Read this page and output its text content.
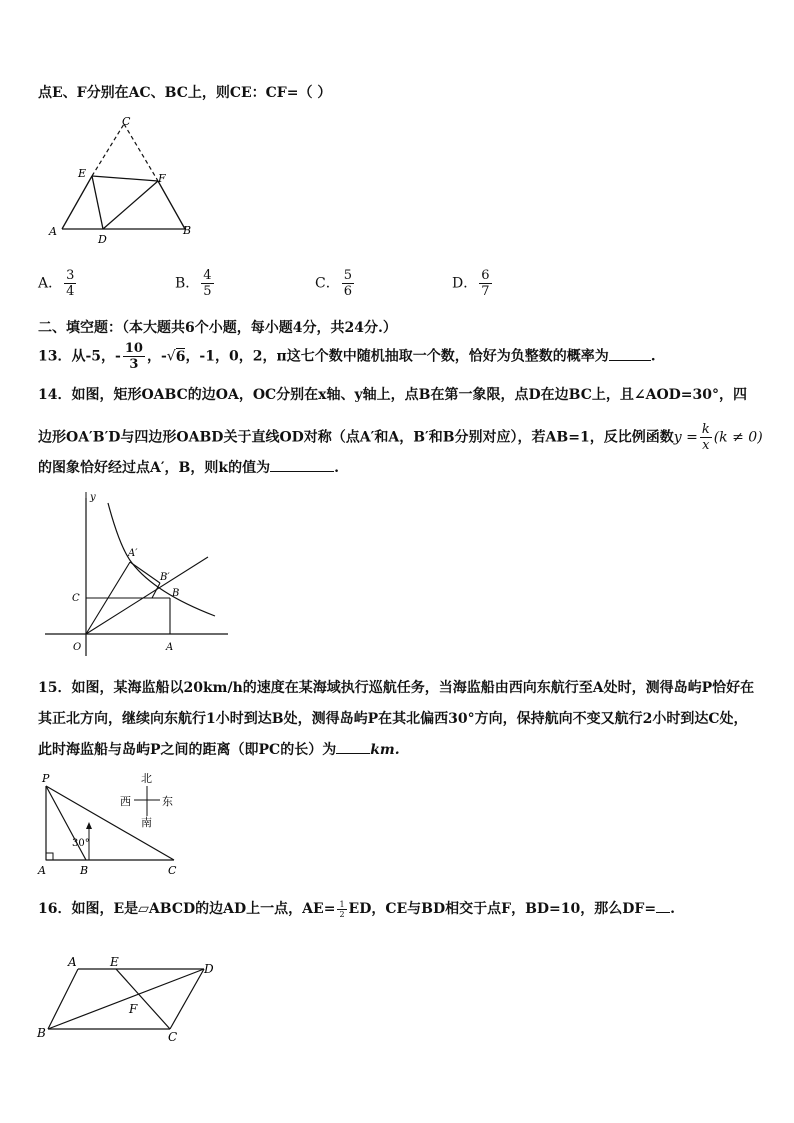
点E、F分别在AC、BC上，则CE：CF=（ ）
C
E	F
A
D
B
A． $\frac{3}{4}$	B． $\frac{4}{5}$	C． $\frac{5}{6}$	D． $\frac{6}{7}$
二、填空题：（本大题共6个小题，每小题4分，共24分.）
13．从-5，- $\frac{10}{3}$ ，-√6，-1，0，2，π这七个数中随机抽取一个数，恰好为负整数的概率为	.
14．如图，矩形OABC的边OA，OC分别在x轴、y轴上，点B在第一象限，点D在边BC上，且∠AOD=30°，四
边形OA′B′D与四边形OABD关于直线OD对称（点A′和A，B′和B分别对应），若AB=1，反比例函数$y = \frac{k}{x} (k \ne 0)$
的图象恰好经过点A′，B，则k的值为	.
y
A′
B′
C	B
O	A
15．如图，某海监船以20km/h的速度在某海域执行巡航任务，当海监船由西向东航行至A处时，测得岛屿P恰好在
其正北方向，继续向东航行1小时到达B处，测得岛屿P在其北偏西30°方向，保持航向不变又航行2小时到达C处，
此时海监船与岛屿P之间的距离（即PC的长）为 km.
P
A	B	C
30°
北
南
西	东
16．如图，E是▱ABCD的边AD上一点，$AE= \frac{1}{2}$ ED，CE与BD相交于点F，BD=10，那么DF= .
A	E	D
F
B	C
